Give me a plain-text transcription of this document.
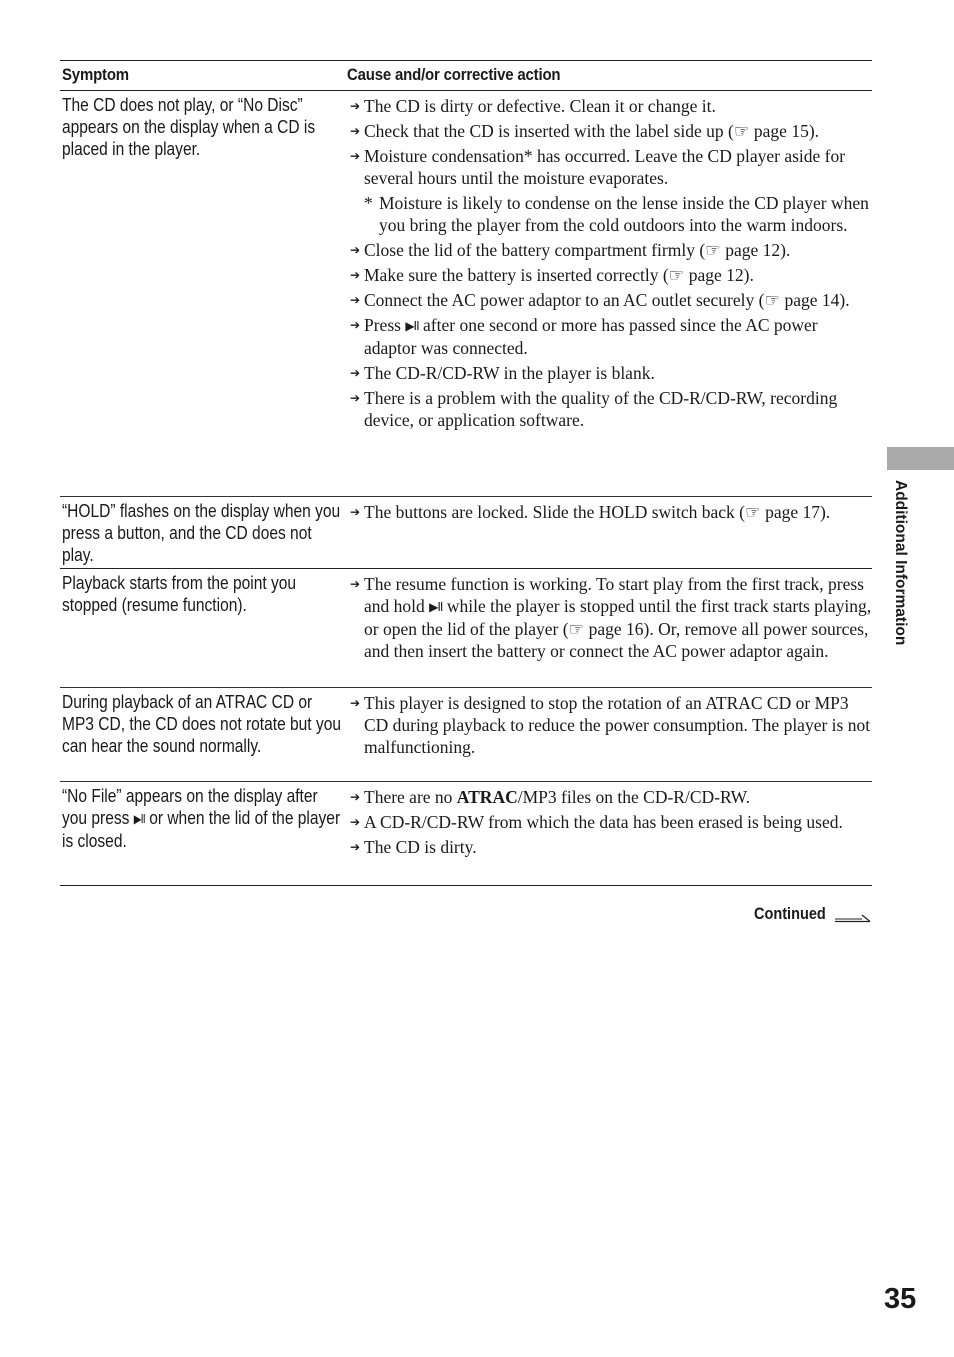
Symptom	Cause and/or corrective action
The CD does not play, or “No Disc” appears on the display when a CD is placed in the player.
➔ The CD is dirty or defective. Clean it or change it.
➔ Check that the CD is inserted with the label side up (☞ page 15).
➔ Moisture condensation* has occurred. Leave the CD player aside for several hours until the moisture evaporates.
* Moisture is likely to condense on the lense inside the CD player when you bring the player from the cold outdoors into the warm indoors.
➔ Close the lid of the battery compartment firmly (☞ page 12).
➔ Make sure the battery is inserted correctly (☞ page 12).
➔ Connect the AC power adaptor to an AC outlet securely (☞ page 14).
➔ Press ▶II after one second or more has passed since the AC power adaptor was connected.
➔ The CD-R/CD-RW in the player is blank.
➔ There is a problem with the quality of the CD-R/CD-RW, recording device, or application software.
“HOLD” flashes on the display when you press a button, and the CD does not play.
➔ The buttons are locked. Slide the HOLD switch back (☞ page 17).
Playback starts from the point you stopped (resume function).
➔ The resume function is working. To start play from the first track, press and hold ▶II while the player is stopped until the first track starts playing, or open the lid of the player (☞ page 16). Or, remove all power sources, and then insert the battery or connect the AC power adaptor again.
During playback of an ATRAC CD or MP3 CD, the CD does not rotate but you can hear the sound normally.
➔ This player is designed to stop the rotation of an ATRAC CD or MP3 CD during playback to reduce the power consumption. The player is not malfunctioning.
“No File” appears on the display after you press ▶II or when the lid of the player is closed.
➔ There are no ATRAC/MP3 files on the CD-R/CD-RW.
➔ A CD-R/CD-RW from which the data has been erased is being used.
➔ The CD is dirty.
Continued
Additional Information
35
